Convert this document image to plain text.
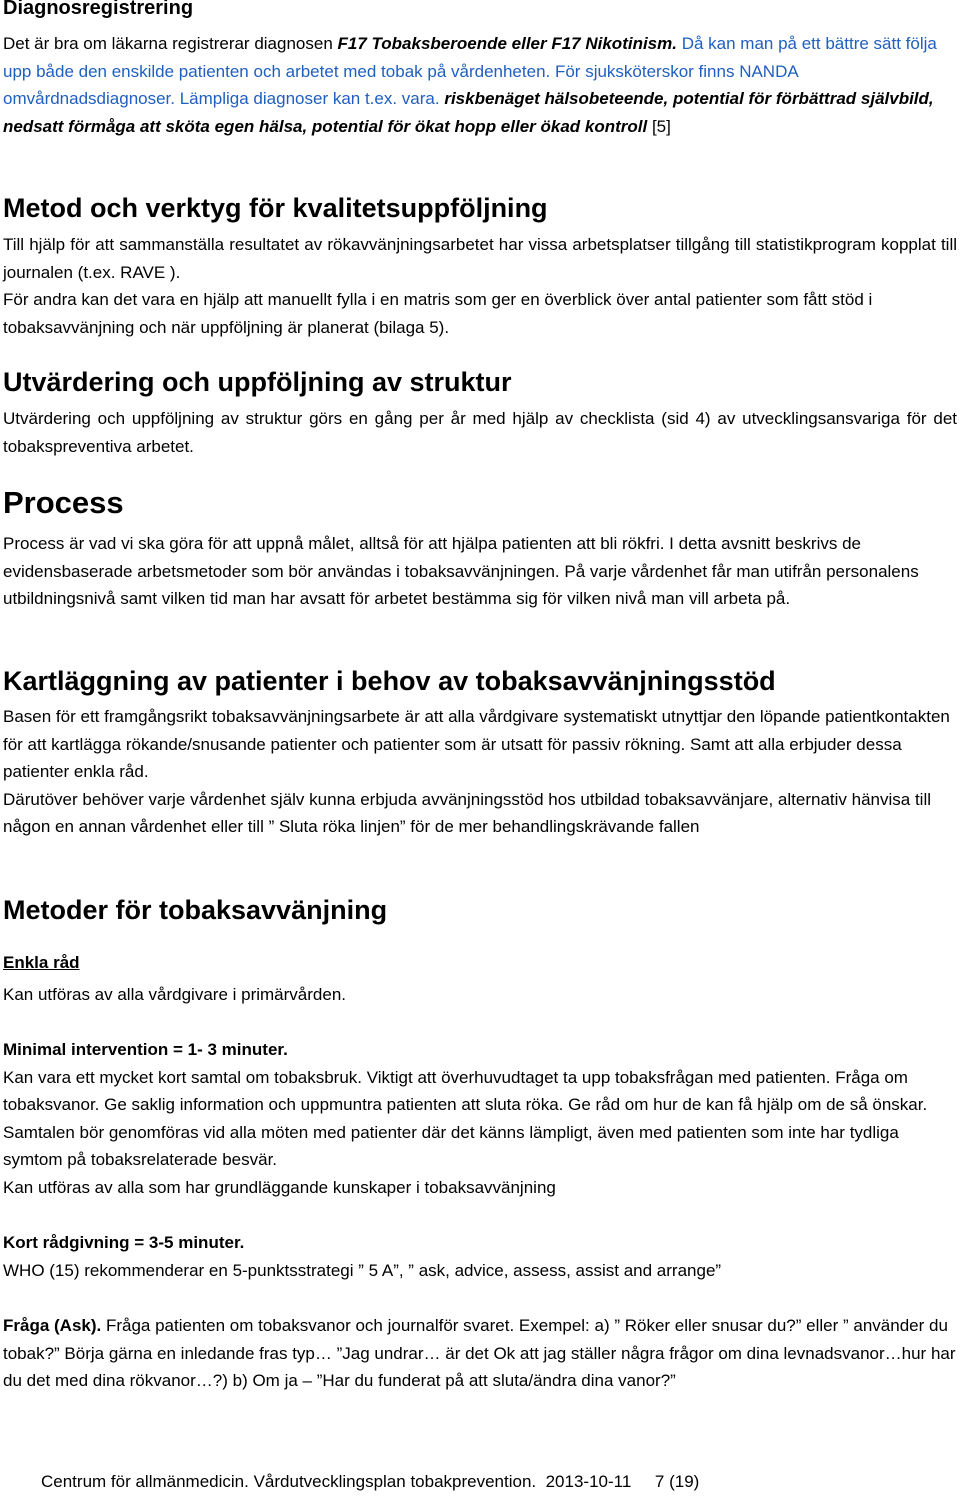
Diagnosregistrering

Det är bra om läkarna registrerar diagnosen F17 Tobaksberoende eller F17 Nikotinism. Då kan man på ett bättre sätt följa upp både den enskilde patienten och arbetet med tobak på vårdenheten. För sjuksköterskor finns NANDA omvårdnadsdiagnoser. Lämpliga diagnoser kan t.ex. vara. riskbenäget hälsobeteende, potential för förbättrad självbild, nedsatt förmåga att sköta egen hälsa, potential för ökat hopp eller ökad kontroll [5]

Metod och verktyg för kvalitetsuppföljning

Till hjälp för att sammanställa resultatet av rökavvänjningsarbetet har vissa arbetsplatser tillgång till statistikprogram kopplat till journalen (t.ex. RAVE ).

För andra kan det vara en hjälp att manuellt fylla i en matris som ger en överblick över antal patienter som fått stöd i tobaksavvänjning och när uppföljning är planerat (bilaga 5).

Utvärdering och uppföljning av struktur

Utvärdering och uppföljning av struktur görs en gång per år med hjälp av checklista (sid 4) av utvecklingsansvariga för det tobakspreventiva arbetet.

Process

Process är vad vi ska göra för att uppnå målet, alltså för att hjälpa patienten att bli rökfri. I detta avsnitt beskrivs de evidensbaserade arbetsmetoder som bör användas i tobaksavvänjningen. På varje vårdenhet får man utifrån personalens utbildningsnivå samt vilken tid man har avsatt för arbetet bestämma sig för vilken nivå man vill arbeta på.

Kartläggning av patienter i behov av tobaksavvänjningsstöd

Basen för ett framgångsrikt tobaksavvänjningsarbete är att alla vårdgivare systematiskt utnyttjar den löpande patientkontakten för att kartlägga rökande/snusande patienter och patienter som är utsatt för passiv rökning. Samt att alla erbjuder dessa patienter enkla råd.

Därutöver behöver varje vårdenhet själv kunna erbjuda avvänjningsstöd hos utbildad tobaksavvänjare, alternativ hänvisa till någon en annan vårdenhet eller till ” Sluta röka linjen” för de mer behandlingskrävande fallen

Metoder för tobaksavvänjning

Enkla råd

Kan utföras av alla vårdgivare i primärvården.

Minimal intervention = 1- 3 minuter.

Kan vara ett mycket kort samtal om tobaksbruk. Viktigt att överhuvudtaget ta upp tobaksfrågan med patienten. Fråga om tobaksvanor. Ge saklig information och uppmuntra patienten att sluta röka. Ge råd om hur de kan få hjälp om de så önskar. Samtalen bör genomföras vid alla möten med patienter där det känns lämpligt, även med patienten som inte har tydliga symtom på tobaksrelaterade besvär.

Kan utföras av alla som har grundläggande kunskaper i tobaksavvänjning

Kort rådgivning = 3-5 minuter.

WHO (15) rekommenderar en 5-punktsstrategi ” 5 A”, ” ask, advice, assess, assist and arrange”

Fråga (Ask). Fråga patienten om tobaksvanor och journalför svaret. Exempel: a) ” Röker eller snusar du?” eller ” använder du tobak?” Börja gärna en inledande fras typ… ”Jag undrar… är det Ok att jag ställer några frågor om dina levnadsvanor…hur har du det med dina rökvanor…?) b) Om ja – ”Har du funderat på att sluta/ändra dina vanor?”

Centrum för allmänmedicin. Vårdutvecklingsplan tobakprevention.  2013-10-11     7 (19)
